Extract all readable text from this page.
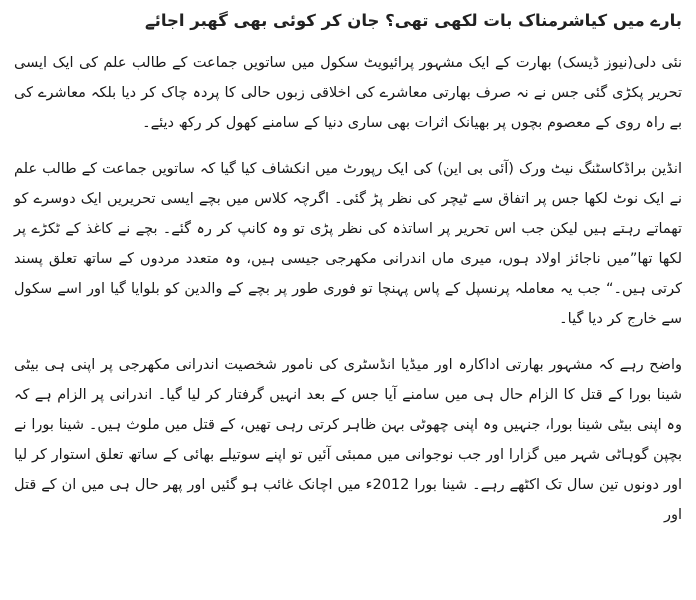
بارے میں کیاشرمناک بات لکھی تھی؟ جان کر کوئی بھی گھبر اجائے

نئی دلی(نیوز ڈیسک) بھارت کے ایک مشہور پرائیویٹ سکول میں ساتویں جماعت کے طالب علم کی ایک ایسی تحریر پکڑی گئی جس نے نہ صرف بھارتی معاشرے کی اخلاقی زبوں حالی کا پردہ چاک کر دیا بلکہ معاشرے کی بے راہ روی کے معصوم بچوں پر بھیانک اثرات بھی ساری دنیا کے سامنے کھول کر رکھ دیئے۔

انڈین براڈکاسٹنگ نیٹ ورک (آئی بی این) کی ایک رپورٹ میں انکشاف کیا گیا کہ ساتویں جماعت کے طالب علم نے ایک نوٹ لکھا جس پر اتفاق سے ٹیچر کی نظر پڑ گئی۔ اگرچہ کلاس میں بچے ایسی تحریریں ایک دوسرے کو تھماتے رہتے ہیں لیکن جب اس تحریر پر اساتذہ کی نظر پڑی تو وہ کانپ کر رہ گئے۔ بچے نے کاغذ کے ٹکڑے پر لکھا تھا”میں ناجائز اولاد ہوں، میری ماں اندرانی مکھرجی جیسی ہیں، وہ متعدد مردوں کے ساتھ تعلق پسند کرتی ہیں۔“ جب یہ معاملہ پرنسپل کے پاس پہنچا تو فوری طور پر بچے کے والدین کو بلوایا گیا اور اسے سکول سے خارج کر دیا گیا۔

واضح رہے کہ مشہور بھارتی اداکارہ اور میڈیا انڈسٹری کی نامور شخصیت اندرانی مکھرجی پر اپنی ہی بیٹی شینا بورا کے قتل کا الزام حال ہی میں سامنے آیا جس کے بعد انہیں گرفتار کر لیا گیا۔ اندرانی پر الزام ہے کہ وہ اپنی بیٹی شینا بورا، جنہیں وہ اپنی چھوٹی بہن ظاہر کرتی رہی تھیں، کے قتل میں ملوث ہیں۔ شینا بورا نے بچپن گوہاٹی شہر میں گزارا اور جب نوجوانی میں ممبئی آئیں تو اپنے سوتیلے بھائی کے ساتھ تعلق استوار کر لیا اور دونوں تین سال تک اکٹھے رہے۔ شینا بورا 2012ء میں اچانک غائب ہو گئیں اور پھر حال ہی میں ان کے قتل اور
